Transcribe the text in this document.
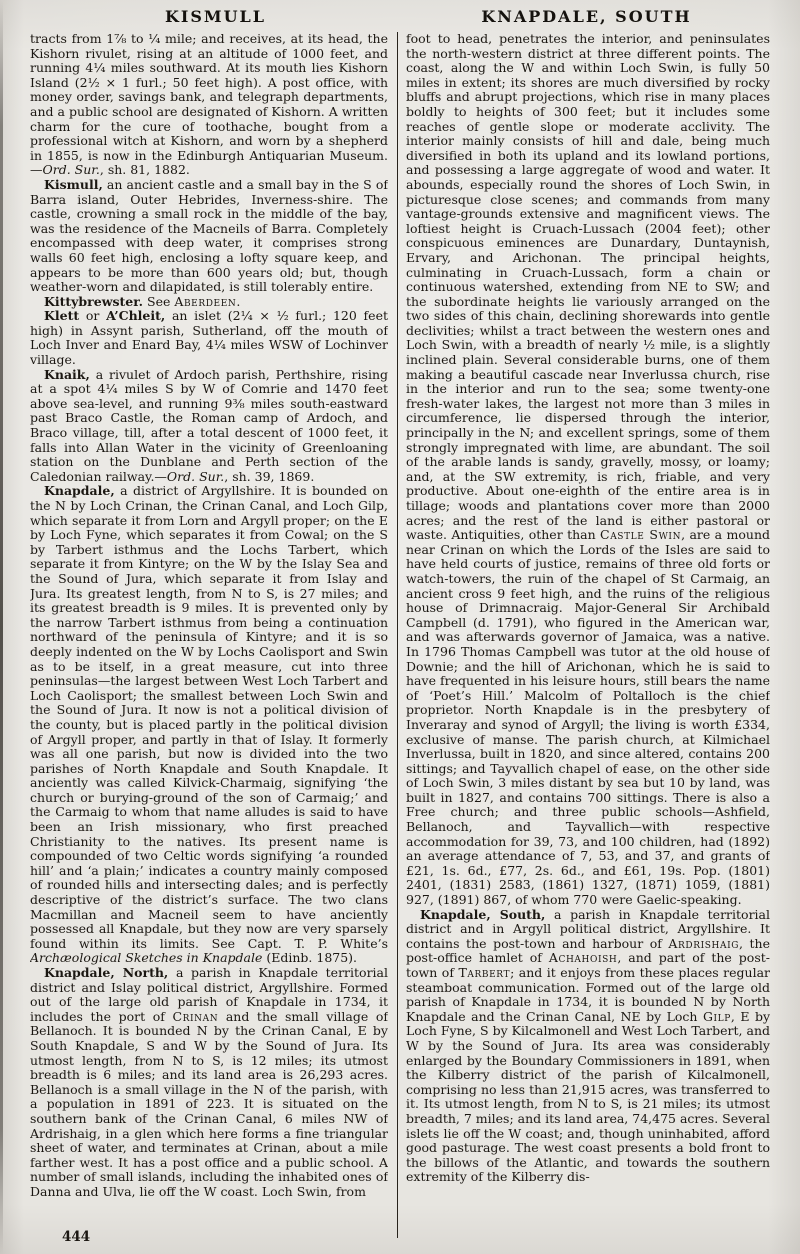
KISMULL	KNAPDALE, SOUTH

tracts from 1⅞ to ¼ mile; and receives, at its head, the Kishorn rivulet, rising at an altitude of 1000 feet, and running 4¼ miles southward. At its mouth lies Kishorn Island (2½ × 1 furl.; 50 feet high). A post office, with money order, savings bank, and telegraph departments, and a public school are designated of Kishorn. A written charm for the cure of toothache, bought from a professional witch at Kishorn, and worn by a shepherd in 1855, is now in the Edinburgh Antiquarian Museum.—Ord. Sur., sh. 81, 1882.

Kismull, an ancient castle and a small bay in the S of Barra island, Outer Hebrides, Inverness-shire. The castle, crowning a small rock in the middle of the bay, was the residence of the Macneils of Barra. Completely encompassed with deep water, it comprises strong walls 60 feet high, enclosing a lofty square keep, and appears to be more than 600 years old; but, though weather-worn and dilapidated, is still tolerably entire.

Kittybrewster. See Aberdeen.

Klett or A’Chleit, an islet (2¼ × ½ furl.; 120 feet high) in Assynt parish, Sutherland, off the mouth of Loch Inver and Enard Bay, 4¼ miles WSW of Lochinver village.

Knaik, a rivulet of Ardoch parish, Perthshire, rising at a spot 4¼ miles S by W of Comrie and 1470 feet above sea-level, and running 9⅜ miles south-eastward past Braco Castle, the Roman camp of Ardoch, and Braco village, till, after a total descent of 1000 feet, it falls into Allan Water in the vicinity of Greenloaning station on the Dunblane and Perth section of the Caledonian railway.—Ord. Sur., sh. 39, 1869.

Knapdale, a district of Argyllshire. It is bounded on the N by Loch Crinan, the Crinan Canal, and Loch Gilp, which separate it from Lorn and Argyll proper; on the E by Loch Fyne, which separates it from Cowal; on the S by Tarbert isthmus and the Lochs Tarbert, which separate it from Kintyre; on the W by the Islay Sea and the Sound of Jura, which separate it from Islay and Jura. Its greatest length, from N to S, is 27 miles; and its greatest breadth is 9 miles. It is prevented only by the narrow Tarbert isthmus from being a continuation northward of the peninsula of Kintyre; and it is so deeply indented on the W by Lochs Caolisport and Swin as to be itself, in a great measure, cut into three peninsulas—the largest between West Loch Tarbert and Loch Caolisport; the smallest between Loch Swin and the Sound of Jura. It now is not a political division of the county, but is placed partly in the political division of Argyll proper, and partly in that of Islay. It formerly was all one parish, but now is divided into the two parishes of North Knapdale and South Knapdale. It anciently was called Kilvick-Charmaig, signifying ‘the church or burying-ground of the son of Carmaig;’ and the Carmaig to whom that name alludes is said to have been an Irish missionary, who first preached Christianity to the natives. Its present name is compounded of two Celtic words signifying ‘a rounded hill’ and ‘a plain;’ indicates a country mainly composed of rounded hills and intersecting dales; and is perfectly descriptive of the district’s surface. The two clans Macmillan and Macneil seem to have anciently possessed all Knapdale, but they now are very sparsely found within its limits. See Capt. T. P. White’s Archæological Sketches in Knapdale (Edinb. 1875).

Knapdale, North, a parish in Knapdale territorial district and Islay political district, Argyllshire. Formed out of the large old parish of Knapdale in 1734, it includes the port of Crinan and the small village of Bellanoch. It is bounded N by the Crinan Canal, E by South Knapdale, S and W by the Sound of Jura. Its utmost length, from N to S, is 12 miles; its utmost breadth is 6 miles; and its land area is 26,293 acres. Bellanoch is a small village in the N of the parish, with a population in 1891 of 223. It is situated on the southern bank of the Crinan Canal, 6 miles NW of Ardrishaig, in a glen which here forms a fine triangular sheet of water, and terminates at Crinan, about a mile farther west. It has a post office and a public school. A number of small islands, including the inhabited ones of Danna and Ulva, lie off the W coast. Loch Swin, from

foot to head, penetrates the interior, and peninsulates the north-western district at three different points. The coast, along the W and within Loch Swin, is fully 50 miles in extent; its shores are much diversified by rocky bluffs and abrupt projections, which rise in many places boldly to heights of 300 feet; but it includes some reaches of gentle slope or moderate acclivity. The interior mainly consists of hill and dale, being much diversified in both its upland and its lowland portions, and possessing a large aggregate of wood and water. It abounds, especially round the shores of Loch Swin, in picturesque close scenes; and commands from many vantage-grounds extensive and magnificent views. The loftiest height is Cruach-Lussach (2004 feet); other conspicuous eminences are Dunardary, Duntaynish, Ervary, and Arichonan. The principal heights, culminating in Cruach-Lussach, form a chain or continuous watershed, extending from NE to SW; and the subordinate heights lie variously arranged on the two sides of this chain, declining shorewards into gentle declivities; whilst a tract between the western ones and Loch Swin, with a breadth of nearly ½ mile, is a slightly inclined plain. Several considerable burns, one of them making a beautiful cascade near Inverlussa church, rise in the interior and run to the sea; some twenty-one fresh-water lakes, the largest not more than 3 miles in circumference, lie dispersed through the interior, principally in the N; and excellent springs, some of them strongly impregnated with lime, are abundant. The soil of the arable lands is sandy, gravelly, mossy, or loamy; and, at the SW extremity, is rich, friable, and very productive. About one-eighth of the entire area is in tillage; woods and plantations cover more than 2000 acres; and the rest of the land is either pastoral or waste. Antiquities, other than Castle Swin, are a mound near Crinan on which the Lords of the Isles are said to have held courts of justice, remains of three old forts or watch-towers, the ruin of the chapel of St Carmaig, an ancient cross 9 feet high, and the ruins of the religious house of Drimnacraig. Major-General Sir Archibald Campbell (d. 1791), who figured in the American war, and was afterwards governor of Jamaica, was a native. In 1796 Thomas Campbell was tutor at the old house of Downie; and the hill of Arichonan, which he is said to have frequented in his leisure hours, still bears the name of ‘Poet’s Hill.’ Malcolm of Poltalloch is the chief proprietor. North Knapdale is in the presbytery of Inveraray and synod of Argyll; the living is worth £334, exclusive of manse. The parish church, at Kilmichael Inverlussa, built in 1820, and since altered, contains 200 sittings; and Tayvallich chapel of ease, on the other side of Loch Swin, 3 miles distant by sea but 10 by land, was built in 1827, and contains 700 sittings. There is also a Free church; and three public schools—Ashfield, Bellanoch, and Tayvallich—with respective accommodation for 39, 73, and 100 children, had (1892) an average attendance of 7, 53, and 37, and grants of £21, 1s. 6d., £77, 2s. 6d., and £61, 19s. Pop. (1801) 2401, (1831) 2583, (1861) 1327, (1871) 1059, (1881) 927, (1891) 867, of whom 770 were Gaelic-speaking.

Knapdale, South, a parish in Knapdale territorial district and in Argyll political district, Argyllshire. It contains the post-town and harbour of Ardrishaig, the post-office hamlet of Achahoish, and part of the post-town of Tarbert; and it enjoys from these places regular steamboat communication. Formed out of the large old parish of Knapdale in 1734, it is bounded N by North Knapdale and the Crinan Canal, NE by Loch Gilp, E by Loch Fyne, S by Kilcalmonell and West Loch Tarbert, and W by the Sound of Jura. Its area was considerably enlarged by the Boundary Commissioners in 1891, when the Kilberry district of the parish of Kilcalmonell, comprising no less than 21,915 acres, was transferred to it. Its utmost length, from N to S, is 21 miles; its utmost breadth, 7 miles; and its land area, 74,475 acres. Several islets lie off the W coast; and, though uninhabited, afford good pasturage. The west coast presents a bold front to the billows of the Atlantic, and towards the southern extremity of the Kilberry dis-

444
